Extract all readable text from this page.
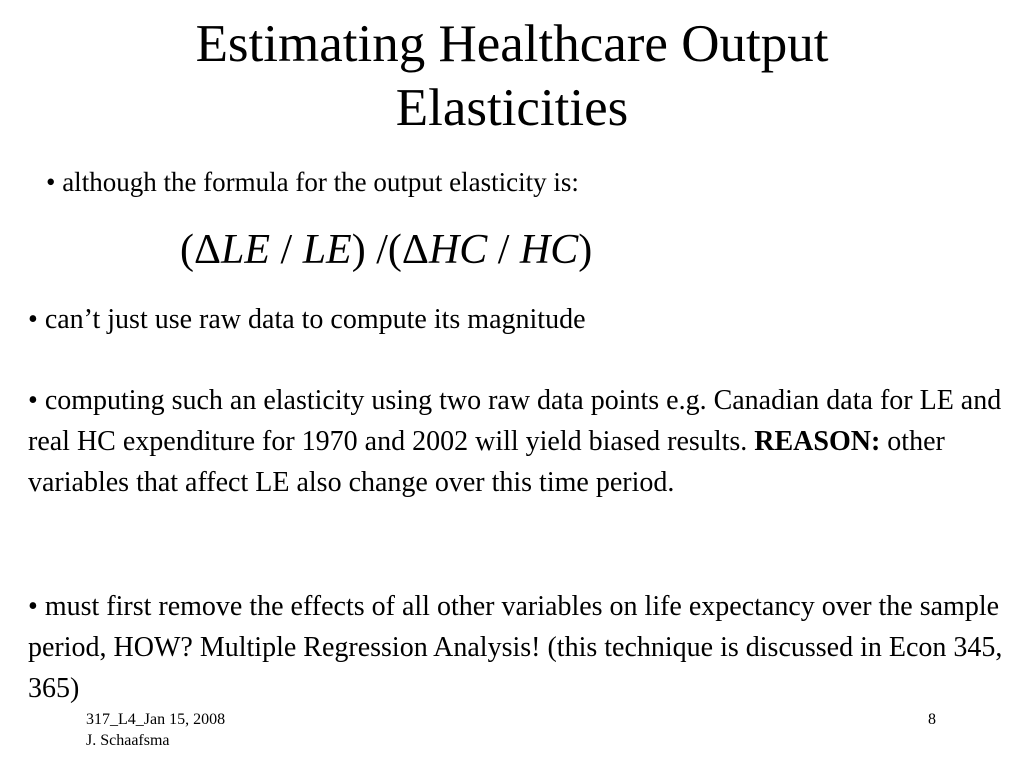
Estimating Healthcare Output
Elasticities
• although the formula for the output elasticity is:
(ΔLE / LE) /(ΔHC / HC)
• can’t just use raw data to compute its magnitude
• computing such an elasticity using two raw data points e.g. Canadian data for LE and real HC expenditure for 1970 and 2002 will yield biased results. REASON: other variables that affect LE also change over this time period.
• must first remove the effects of all other variables on life expectancy over the sample period, HOW? Multiple Regression Analysis! (this technique is discussed in Econ 345, 365)
317_L4_Jan 15, 2008
J. Schaafsma
8
